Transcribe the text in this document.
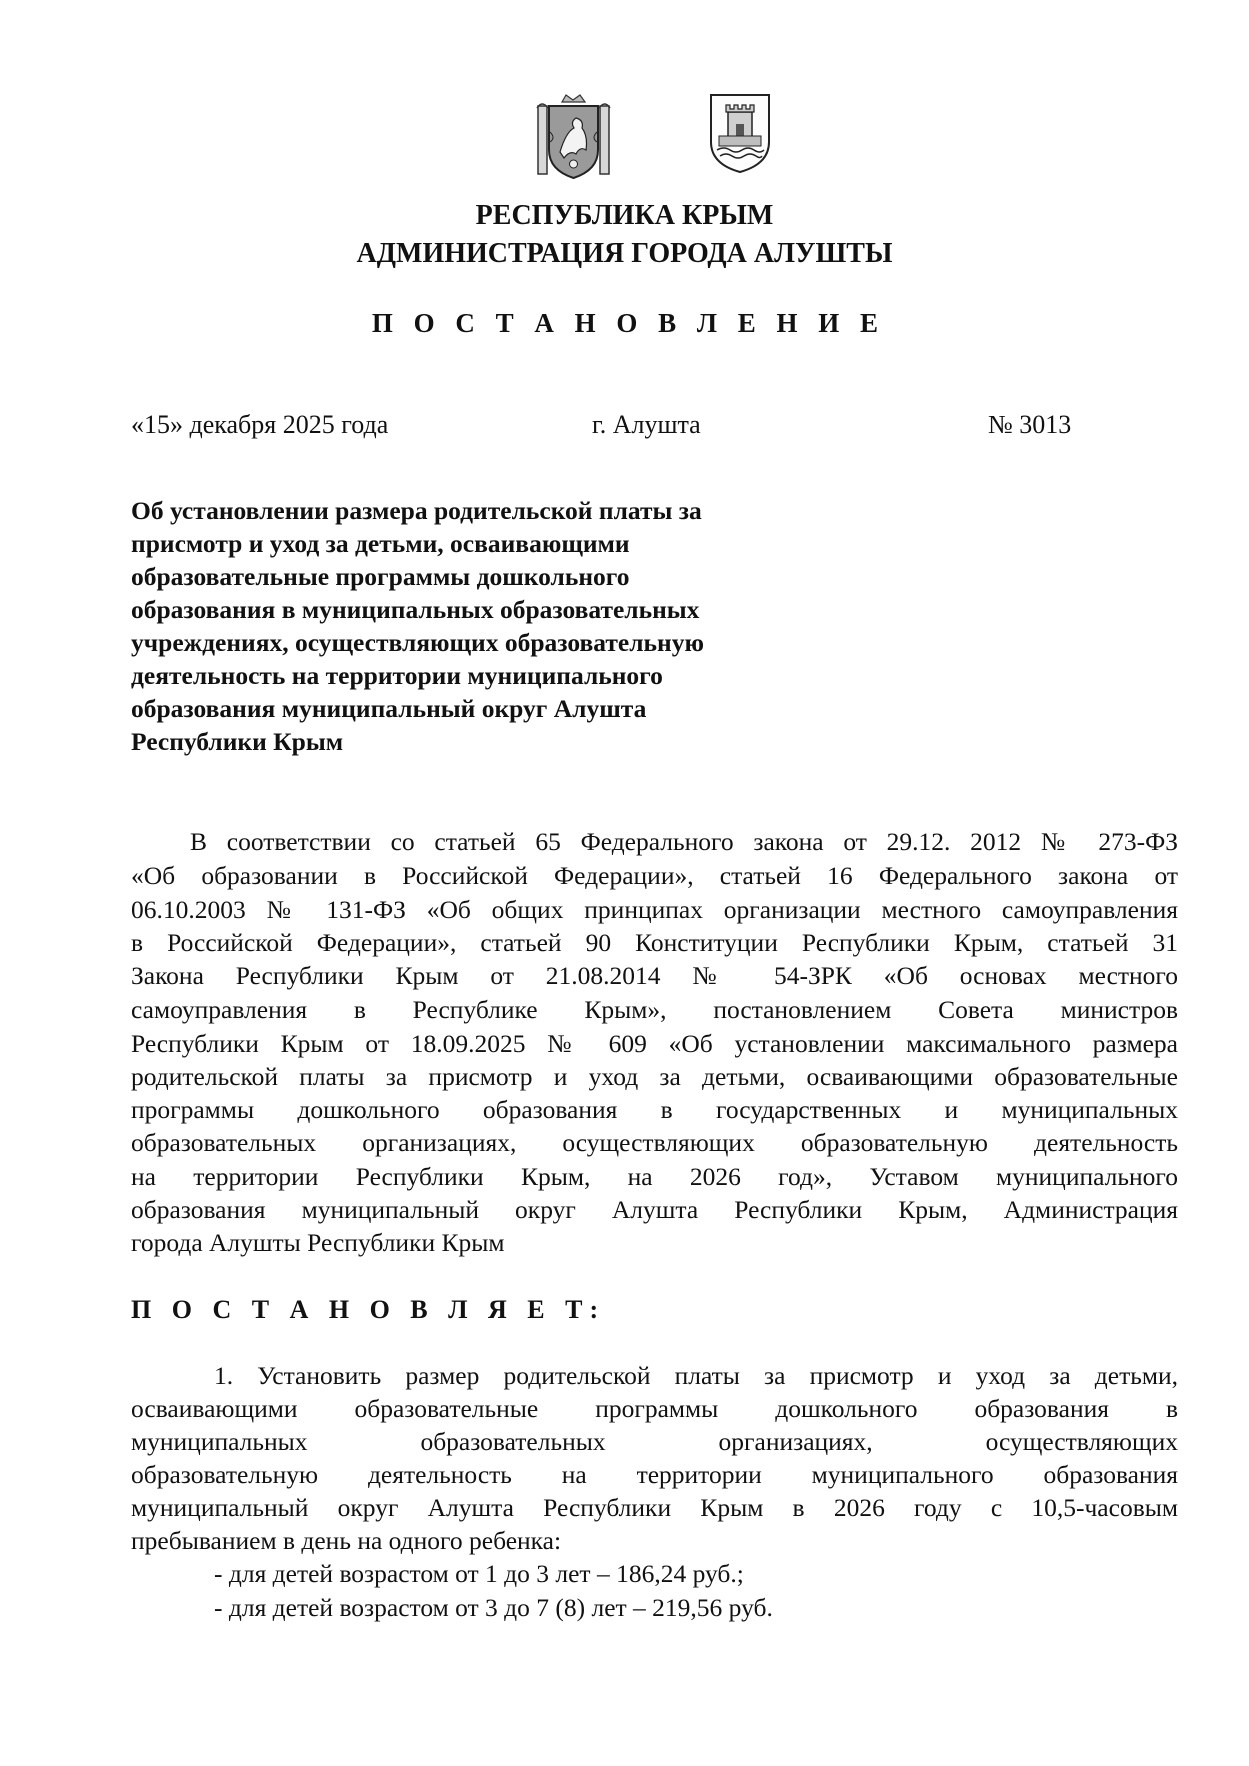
РЕСПУБЛИКА КРЫМ
АДМИНИСТРАЦИЯ ГОРОДА АЛУШТЫ
П О С Т А Н О В Л Е Н И Е
«15» декабря 2025 года	г. Алушта	№ 3013
Об установлении размера родительской платы за
присмотр и уход за детьми, осваивающими
образовательные программы дошкольного
образования в муниципальных образовательных
учреждениях, осуществляющих образовательную
деятельность на территории муниципального
образования муниципальный округ Алушта
Республики Крым
В соответствии со статьей 65 Федерального закона от 29.12. 2012 № 273-ФЗ
«Об образовании в Российской Федерации», статьей 16 Федерального закона от
06.10.2003 № 131-ФЗ «Об общих принципах организации местного самоуправления
в Российской Федерации», статьей 90 Конституции Республики Крым, статьей 31
Закона Республики Крым от 21.08.2014 № 54-ЗРК «Об основах местного
самоуправления в Республике Крым», постановлением Совета министров
Республики Крым от 18.09.2025 № 609 «Об установлении максимального размера
родительской платы за присмотр и уход за детьми, осваивающими образовательные
программы дошкольного образования в государственных и муниципальных
образовательных организациях, осуществляющих образовательную деятельность
на территории Республики Крым, на 2026 год», Уставом муниципального
образования муниципальный округ Алушта Республики Крым, Администрация
города Алушты Республики Крым
П О С Т А Н О В Л Я Е Т:
1. Установить размер родительской платы за присмотр и уход за детьми,
осваивающими образовательные программы дошкольного образования в
муниципальных образовательных организациях, осуществляющих
образовательную деятельность на территории муниципального образования
муниципальный округ Алушта Республики Крым в 2026 году с 10,5-часовым
пребыванием в день на одного ребенка:
- для детей возрастом от 1 до 3 лет – 186,24 руб.;
- для детей возрастом от 3 до 7 (8) лет – 219,56 руб.
